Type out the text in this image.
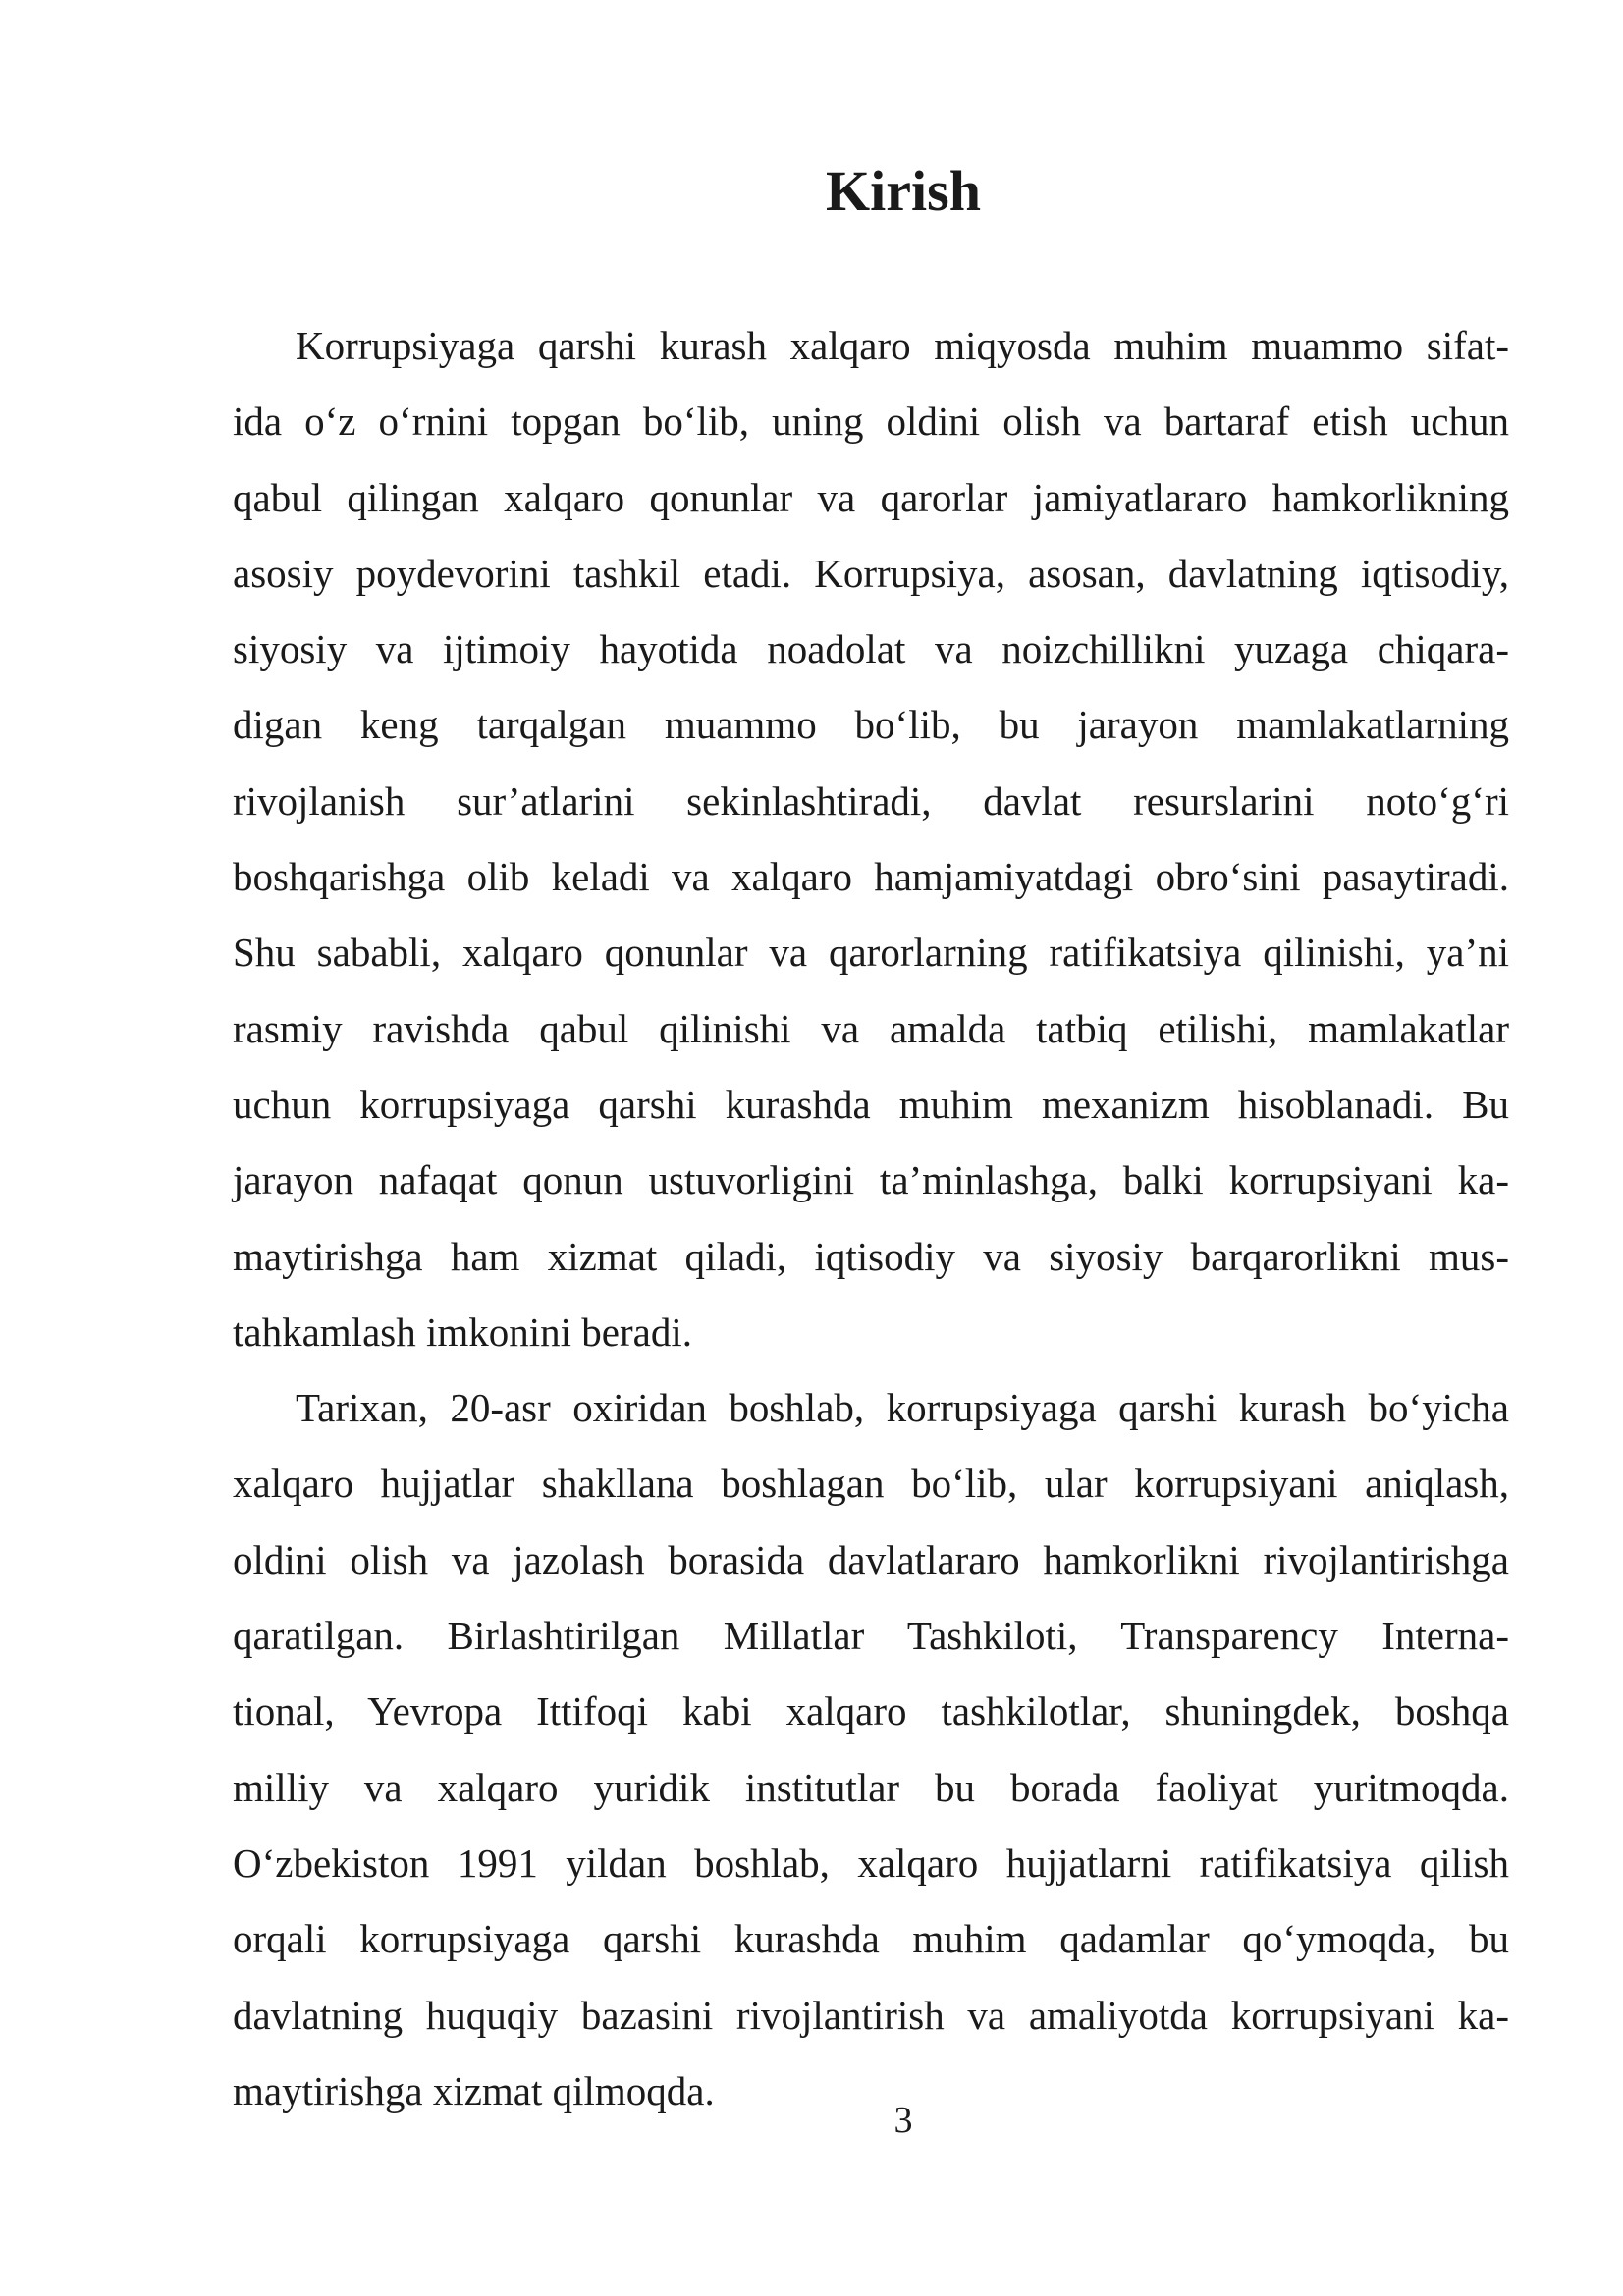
Kirish
Korrupsiyaga qarshi kurash xalqaro miqyosda muhim muammo sifat-
ida o‘z o‘rnini topgan bo‘lib, uning oldini olish va bartaraf etish uchun
qabul qilingan xalqaro qonunlar va qarorlar jamiyatlararo hamkorlikning
asosiy poydevorini tashkil etadi. Korrupsiya, asosan, davlatning iqtisodiy,
siyosiy va ijtimoiy hayotida noadolat va noizchillikni yuzaga chiqara-
digan keng tarqalgan muammo bo‘lib, bu jarayon mamlakatlarning
rivojlanish sur’atlarini sekinlashtiradi, davlat resurslarini noto‘g‘ri
boshqarishga olib keladi va xalqaro hamjamiyatdagi obro‘sini pasaytiradi.
Shu sababli, xalqaro qonunlar va qarorlarning ratifikatsiya qilinishi, ya’ni
rasmiy ravishda qabul qilinishi va amalda tatbiq etilishi, mamlakatlar
uchun korrupsiyaga qarshi kurashda muhim mexanizm hisoblanadi. Bu
jarayon nafaqat qonun ustuvorligini ta’minlashga, balki korrupsiyani ka-
maytirishga ham xizmat qiladi, iqtisodiy va siyosiy barqarorlikni mus-
tahkamlash imkonini beradi.
Tarixan, 20-asr oxiridan boshlab, korrupsiyaga qarshi kurash bo‘yicha
xalqaro hujjatlar shakllana boshlagan bo‘lib, ular korrupsiyani aniqlash,
oldini olish va jazolash borasida davlatlararo hamkorlikni rivojlantirishga
qaratilgan. Birlashtirilgan Millatlar Tashkiloti, Transparency Interna-
tional, Yevropa Ittifoqi kabi xalqaro tashkilotlar, shuningdek, boshqa
milliy va xalqaro yuridik institutlar bu borada faoliyat yuritmoqda.
O‘zbekiston 1991 yildan boshlab, xalqaro hujjatlarni ratifikatsiya qilish
orqali korrupsiyaga qarshi kurashda muhim qadamlar qo‘ymoqda, bu
davlatning huquqiy bazasini rivojlantirish va amaliyotda korrupsiyani ka-
maytirishga xizmat qilmoqda.
3
